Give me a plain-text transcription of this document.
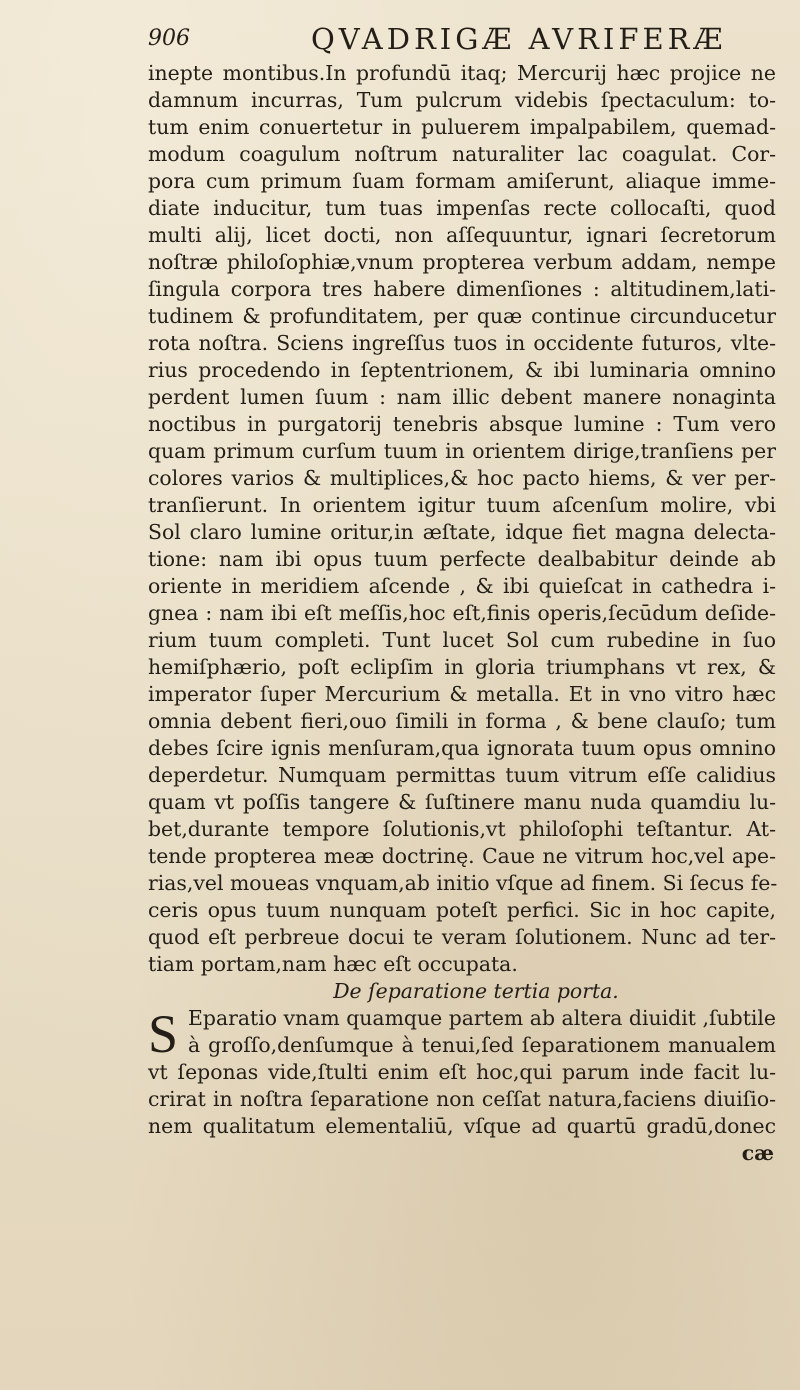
906	QVADRIGÆ AVRIFERÆ
inepte montibus.In profundū itaq; Mercurij hæc projice ne
damnum incurras, Tum pulcrum videbis ſpectaculum: to-
tum enim conuertetur in puluerem impalpabilem, quemad-
modum coagulum noſtrum naturaliter lac coagulat. Cor-
pora cum primum ſuam formam amiſerunt, aliaque imme-
diate inducitur, tum tuas impenſas recte collocaſti, quod
multi alij, licet docti, non aſſequuntur, ignari ſecretorum
noſtræ philoſophiæ,vnum propterea verbum addam, nempe
ſingula corpora tres habere dimenſiones : altitudinem,lati-
tudinem & profunditatem, per quæ continue circunducetur
rota noſtra. Sciens ingreſſus tuos in occidente futuros, vlte-
rius procedendo in ſeptentrionem, & ibi luminaria omnino
perdent lumen ſuum : nam illic debent manere nonaginta
noctibus in purgatorij tenebris absque lumine : Tum vero
quam primum curſum tuum in orientem dirige,tranſiens per
colores varios & multiplices,& hoc pacto hiems, & ver per-
tranſierunt. In orientem igitur tuum aſcenſum molire, vbi
Sol claro lumine oritur,in æſtate, idque fiet magna delecta-
tione: nam ibi opus tuum perfecte dealbabitur deinde ab
oriente in meridiem aſcende , & ibi quieſcat in cathedra i-
gnea : nam ibi eſt meſſis,hoc eſt,finis operis,ſecūdum deſide-
rium tuum completi. Tunt lucet Sol cum rubedine in ſuo
hemiſphærio, poſt eclipſim in gloria triumphans vt rex, &
imperator ſuper Mercurium & metalla. Et in vno vitro hæc
omnia debent fieri,ouo ſimili in forma , & bene clauſo; tum
debes ſcire ignis menſuram,qua ignorata tuum opus omnino
deperdetur. Numquam permittas tuum vitrum eſſe calidius
quam vt poſſis tangere & ſuſtinere manu nuda quamdiu lu-
bet,durante tempore ſolutionis,vt philoſophi teſtantur. At-
tende propterea meæ doctrinę. Caue ne vitrum hoc,vel ape-
rias,vel moueas vnquam,ab initio vſque ad finem. Si ſecus fe-
ceris opus tuum nunquam poteſt perfici. Sic in hoc capite,
quod eſt perbreue docui te veram ſolutionem. Nunc ad ter-
tiam portam,nam hæc eſt occupata.
De ſeparatione tertia porta.
S Eparatio vnam quamque partem ab altera diuidit ,ſubtile
à groſſo,denſumque à tenui,ſed ſeparationem manualem
vt ſeponas vide,ſtulti enim eſt hoc,qui parum inde facit lu-
crirat in noſtra ſeparatione non ceſſat natura,faciens diuiſio-
nem qualitatum elementaliū, vſque ad quartū gradū,donec
cæ
